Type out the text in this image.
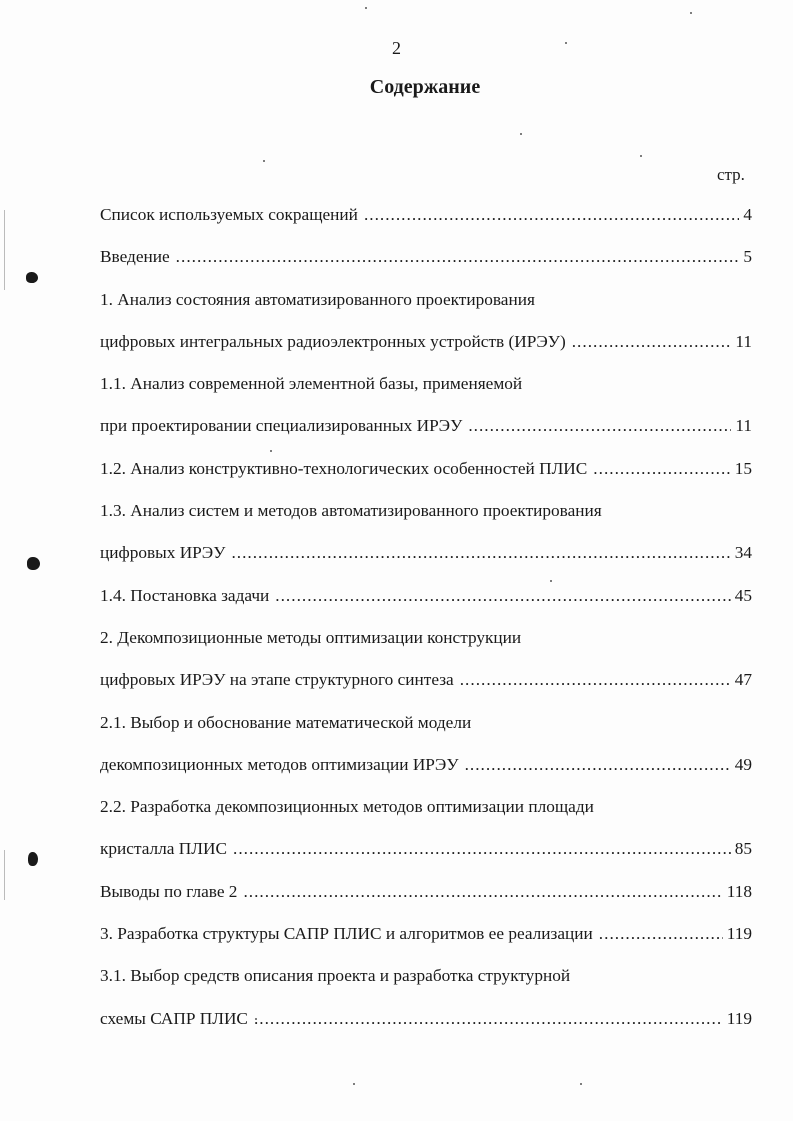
2
Содержание
стр.
Список используемых сокращений .....	4
Введение .....	5
1. Анализ состояния автоматизированного проектирования
цифровых интегральных радиоэлектронных устройств (ИРЭУ) .....	11
1.1. Анализ современной элементной базы, применяемой
при проектировании специализированных ИРЭУ .....	11
1.2. Анализ конструктивно-технологических особенностей ПЛИС .....	15
1.3. Анализ систем и методов автоматизированного проектирования
цифровых ИРЭУ .....	34
1.4. Постановка задачи .....	45
2. Декомпозиционные методы оптимизации конструкции
цифровых ИРЭУ на этапе структурного синтеза .....	47
2.1. Выбор и обоснование математической модели
декомпозиционных методов оптимизации ИРЭУ .....	49
2.2. Разработка декомпозиционных методов оптимизации площади
кристалла ПЛИС .....	85
Выводы по главе 2 .....	118
3. Разработка структуры САПР ПЛИС и алгоритмов ее реализации .....	119
3.1. Выбор средств описания проекта и разработка структурной
схемы САПР ПЛИС .....	119
